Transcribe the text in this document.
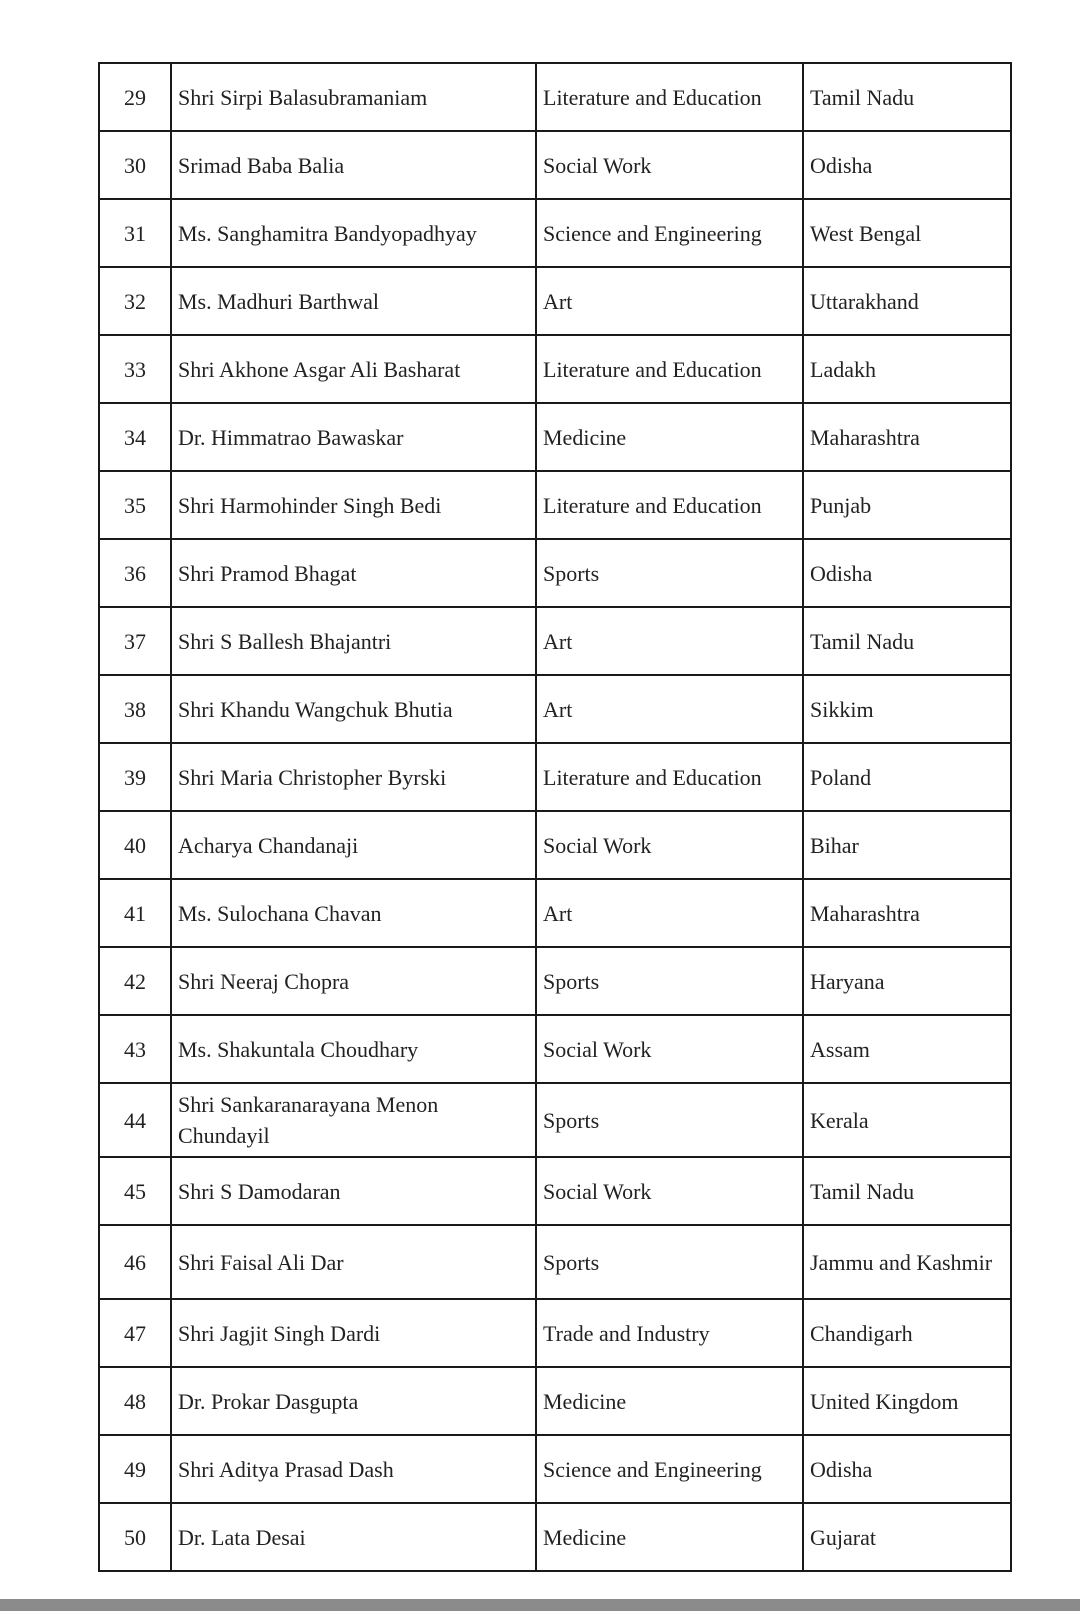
29	Shri Sirpi Balasubramaniam	Literature and Education	Tamil Nadu
30	Srimad Baba Balia	Social Work	Odisha
31	Ms. Sanghamitra Bandyopadhyay	Science and Engineering	West Bengal
32	Ms. Madhuri Barthwal	Art	Uttarakhand
33	Shri Akhone Asgar Ali Basharat	Literature and Education	Ladakh
34	Dr. Himmatrao Bawaskar	Medicine	Maharashtra
35	Shri Harmohinder Singh Bedi	Literature and Education	Punjab
36	Shri Pramod Bhagat	Sports	Odisha
37	Shri S Ballesh Bhajantri	Art	Tamil Nadu
38	Shri Khandu Wangchuk Bhutia	Art	Sikkim
39	Shri Maria Christopher Byrski	Literature and Education	Poland
40	Acharya Chandanaji	Social Work	Bihar
41	Ms. Sulochana Chavan	Art	Maharashtra
42	Shri Neeraj Chopra	Sports	Haryana
43	Ms. Shakuntala Choudhary	Social Work	Assam
44	Shri Sankaranarayana Menon Chundayil	Sports	Kerala
45	Shri S Damodaran	Social Work	Tamil Nadu
46	Shri Faisal Ali Dar	Sports	Jammu and Kashmir
47	Shri Jagjit Singh Dardi	Trade and Industry	Chandigarh
48	Dr. Prokar Dasgupta	Medicine	United Kingdom
49	Shri Aditya Prasad Dash	Science and Engineering	Odisha
50	Dr. Lata Desai	Medicine	Gujarat
